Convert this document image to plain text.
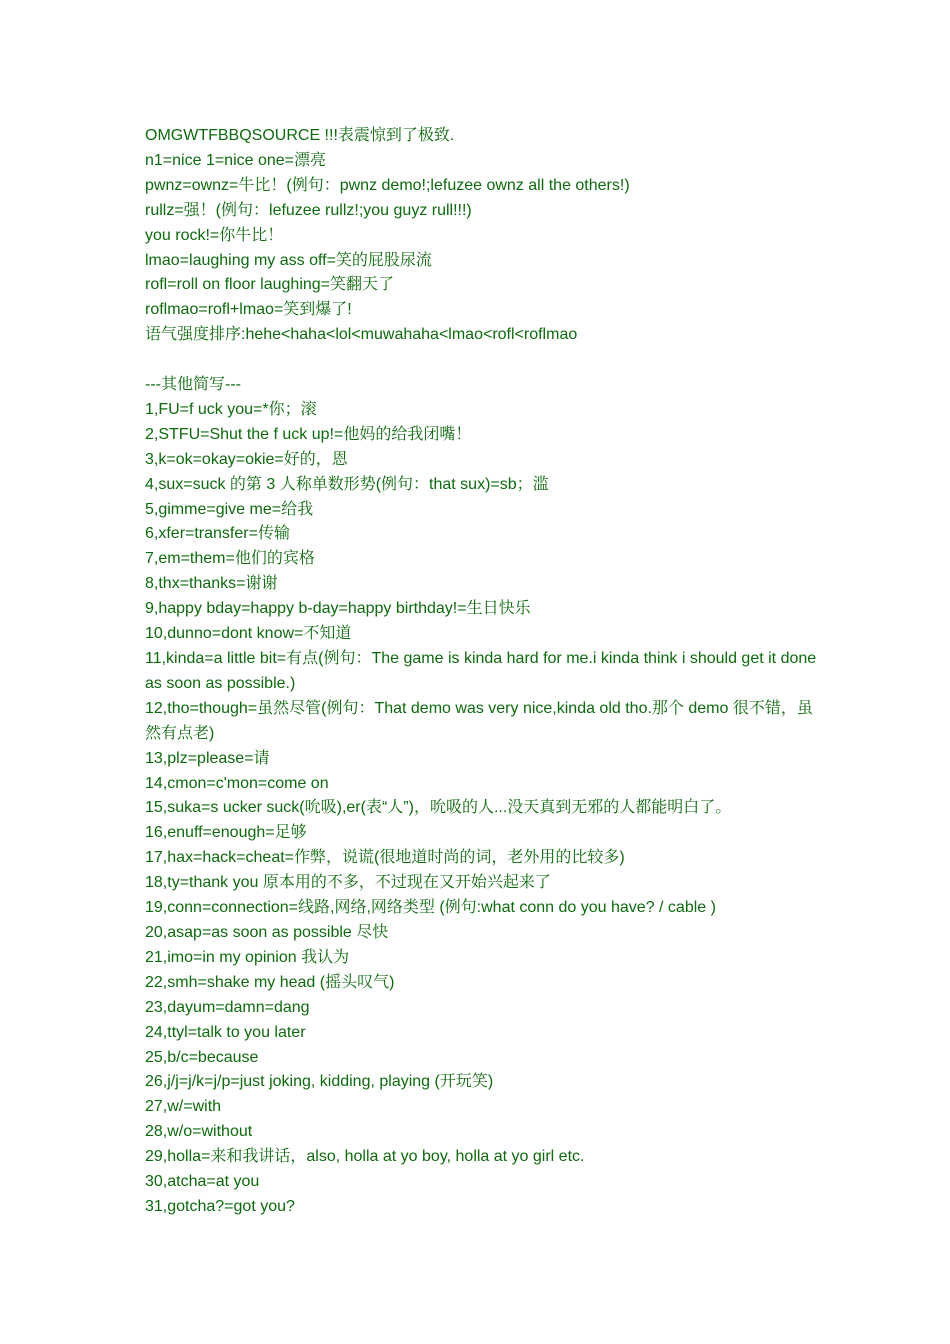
OMGWTFBBQSOURCE !!!表震惊到了极致.

n1=nice 1=nice one=漂亮

pwnz=ownz=牛比！(例句：pwnz demo!;lefuzee ownz all the others!)

rullz=强！(例句：lefuzee rullz!;you guyz rull!!!)

you rock!=你牛比！

lmao=laughing my ass off=笑的屁股尿流

rofl=roll on floor laughing=笑翻天了

roflmao=rofl+lmao=笑到爆了!

语气强度排序:hehe<haha<lol<muwahaha<lmao<rofl<roflmao

---其他简写---

1,FU=f uck you=*你；滚

2,STFU=Shut the f uck up!=他妈的给我闭嘴！

3,k=ok=okay=okie=好的，恩

4,sux=suck 的第 3 人称单数形势(例句：that sux)=sb；滥

5,gimme=give me=给我

6,xfer=transfer=传输

7,em=them=他们的宾格

8,thx=thanks=谢谢

9,happy bday=happy b-day=happy birthday!=生日快乐

10,dunno=dont know=不知道

11,kinda=a little bit=有点(例句：The game is kinda hard for me.i kinda think i should get it done as soon as possible.)

12,tho=though=虽然尽管(例句：That demo was very nice,kinda old tho.那个 demo 很不错，虽然有点老)

13,plz=please=请

14,cmon=c'mon=come on

15,suka=s ucker suck(吮吸),er(表“人”)，吮吸的人...没天真到无邪的人都能明白了。

16,enuff=enough=足够

17,hax=hack=cheat=作弊，说谎(很地道时尚的词，老外用的比较多)

18,ty=thank you 原本用的不多，不过现在又开始兴起来了

19,conn=connection=线路,网络,网络类型 (例句:what conn do you have? / cable )

20,asap=as soon as possible 尽快

21,imo=in my opinion 我认为

22,smh=shake my head (摇头叹气)

23,dayum=damn=dang

24,ttyl=talk to you later

25,b/c=because

26,j/j=j/k=j/p=just joking, kidding, playing (开玩笑)

27,w/=with

28,w/o=without

29,holla=来和我讲话，also, holla at yo boy, holla at yo girl etc.

30,atcha=at you

31,gotcha?=got you?
